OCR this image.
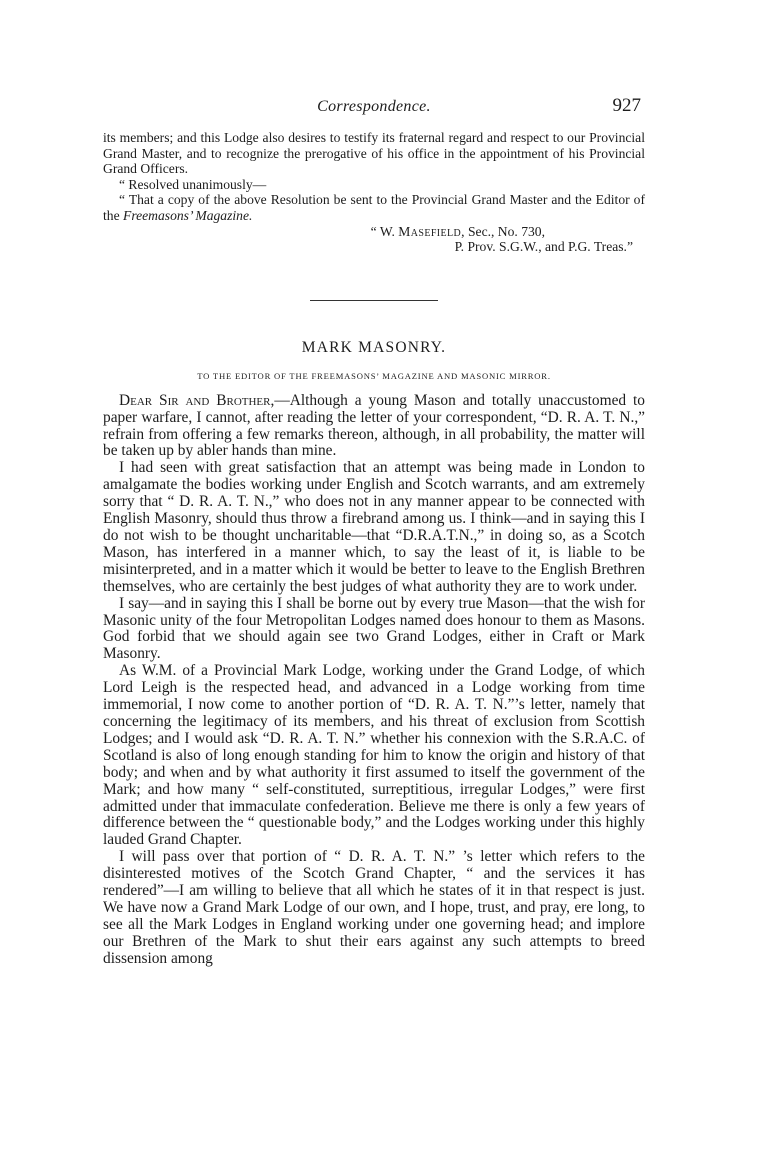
Correspondence.	927

its members; and this Lodge also desires to testify its fraternal regard and respect to our Provincial Grand Master, and to recognize the prerogative of his office in the appointment of his Provincial Grand Officers.

“ Resolved unanimously—

“ That a copy of the above Resolution be sent to the Provincial Grand Master and the Editor of the Freemasons’ Magazine.

“ W. Masefield, Sec., No. 730,

P. Prov. S.G.W., and P.G. Treas.”

MARK MASONRY.
TO THE EDITOR OF THE FREEMASONS’ MAGAZINE AND MASONIC MIRROR.

Dear Sir and Brother,—Although a young Mason and totally unaccustomed to paper warfare, I cannot, after reading the letter of your correspondent, “D. R. A. T. N.,” refrain from offering a few remarks thereon, although, in all probability, the matter will be taken up by abler hands than mine.

I had seen with great satisfaction that an attempt was being made in London to amalgamate the bodies working under English and Scotch warrants, and am extremely sorry that “ D. R. A. T. N.,” who does not in any manner appear to be connected with English Masonry, should thus throw a firebrand among us. I think—and in saying this I do not wish to be thought uncharitable—that “D.R.A.T.N.,” in doing so, as a Scotch Mason, has interfered in a manner which, to say the least of it, is liable to be misinterpreted, and in a matter which it would be better to leave to the English Brethren themselves, who are certainly the best judges of what authority they are to work under.

I say—and in saying this I shall be borne out by every true Mason—that the wish for Masonic unity of the four Metropolitan Lodges named does honour to them as Masons. God forbid that we should again see two Grand Lodges, either in Craft or Mark Masonry.

As W.M. of a Provincial Mark Lodge, working under the Grand Lodge, of which Lord Leigh is the respected head, and advanced in a Lodge working from time immemorial, I now come to another portion of “D. R. A. T. N.”’s letter, namely that concerning the legitimacy of its members, and his threat of exclusion from Scottish Lodges; and I would ask “D. R. A. T. N.” whether his connexion with the S.R.A.C. of Scotland is also of long enough standing for him to know the origin and history of that body; and when and by what authority it first assumed to itself the government of the Mark; and how many “ self-constituted, surreptitious, irregular Lodges,” were first admitted under that immaculate confederation. Believe me there is only a few years of difference between the “ questionable body,” and the Lodges working under this highly lauded Grand Chapter.

I will pass over that portion of “ D. R. A. T. N.” ’s letter which refers to the disinterested motives of the Scotch Grand Chapter, “ and the services it has rendered”—I am willing to believe that all which he states of it in that respect is just. We have now a Grand Mark Lodge of our own, and I hope, trust, and pray, ere long, to see all the Mark Lodges in England working under one governing head; and implore our Brethren of the Mark to shut their ears against any such attempts to breed dissension among
